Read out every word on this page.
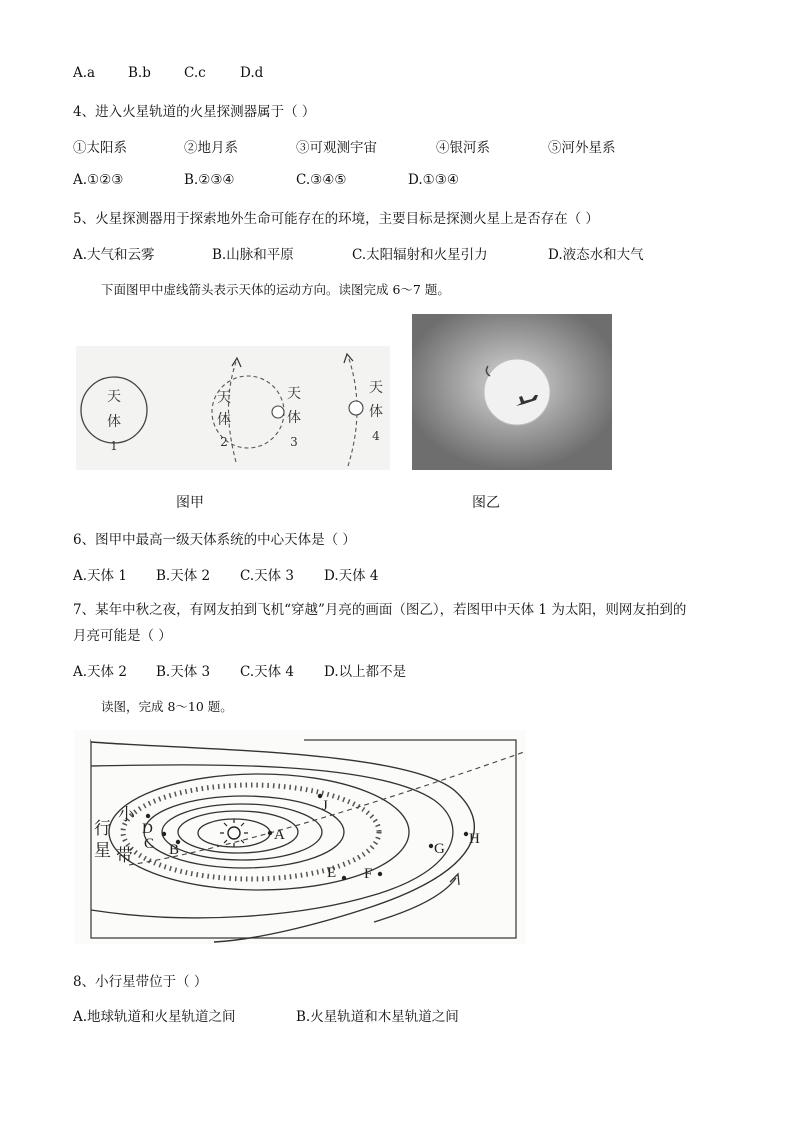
A.a B.b C.c	D.d
4、进入火星轨道的火星探测器属于（ ）
①太阳系	②地月系	③可观测宇宙	④银河系	⑤河外星系
A.①②③	B.②③④	C.③④⑤	D.①③④
5、火星探测器用于探索地外生命可能存在的环境，主要目标是探测火星上是否存在（ ）
A.大气和云雾	B.山脉和平原	C.太阳辐射和火星引力	D.液态水和大气
下面图甲中虚线箭头表示天体的运动方向。读图完成 6～7 题。
天
体
1
天
体
2
天
体
3
天
体
4
图甲	图乙
6、图甲中最高一级天体系统的中心天体是（ ）
A.天体 1 B.天体 2 C.天体 3 D.天体 4
7、某年中秋之夜，有网友拍到飞机“穿越”月亮的画面（图乙），若图甲中天体 1 为太阳，则网友拍到的
月亮可能是（ ）
A.天体 2 B.天体 3 C.天体 4 D.以上都不是
读图，完成 8～10 题。
A
B
C
D
E F
G
H
J
小
行
星 带
8、小行星带位于（ ）
A.地球轨道和火星轨道之间	B.火星轨道和木星轨道之间
